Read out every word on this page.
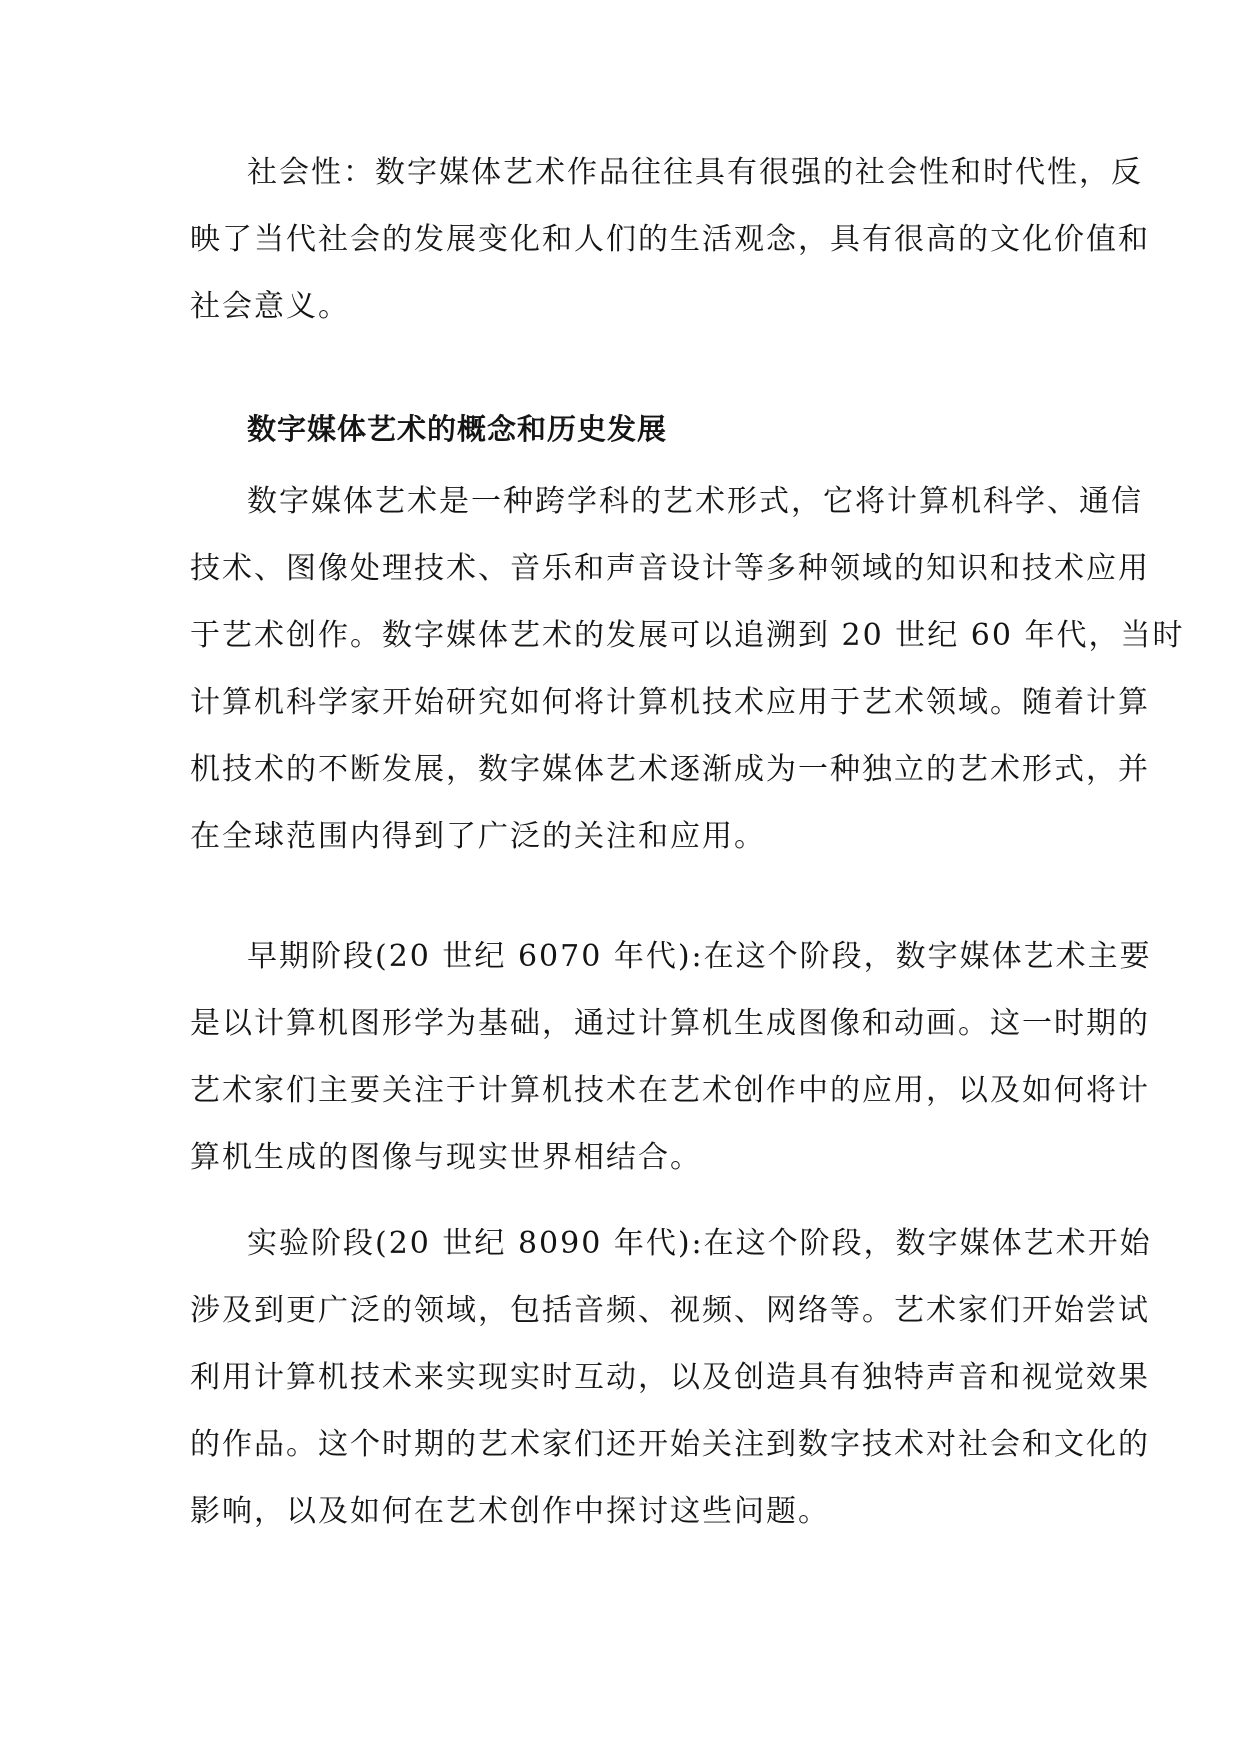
社会性：数字媒体艺术作品往往具有很强的社会性和时代性，反
映了当代社会的发展变化和人们的生活观念，具有很高的文化价值和
社会意义。
数字媒体艺术的概念和历史发展
数字媒体艺术是一种跨学科的艺术形式，它将计算机科学、通信
技术、图像处理技术、音乐和声音设计等多种领域的知识和技术应用
于艺术创作。数字媒体艺术的发展可以追溯到 20 世纪 60 年代，当时
计算机科学家开始研究如何将计算机技术应用于艺术领域。随着计算
机技术的不断发展，数字媒体艺术逐渐成为一种独立的艺术形式，并
在全球范围内得到了广泛的关注和应用。
早期阶段(20 世纪 6070 年代):在这个阶段，数字媒体艺术主要
是以计算机图形学为基础，通过计算机生成图像和动画。这一时期的
艺术家们主要关注于计算机技术在艺术创作中的应用，以及如何将计
算机生成的图像与现实世界相结合。
实验阶段(20 世纪 8090 年代):在这个阶段，数字媒体艺术开始
涉及到更广泛的领域，包括音频、视频、网络等。艺术家们开始尝试
利用计算机技术来实现实时互动，以及创造具有独特声音和视觉效果
的作品。这个时期的艺术家们还开始关注到数字技术对社会和文化的
影响，以及如何在艺术创作中探讨这些问题。
